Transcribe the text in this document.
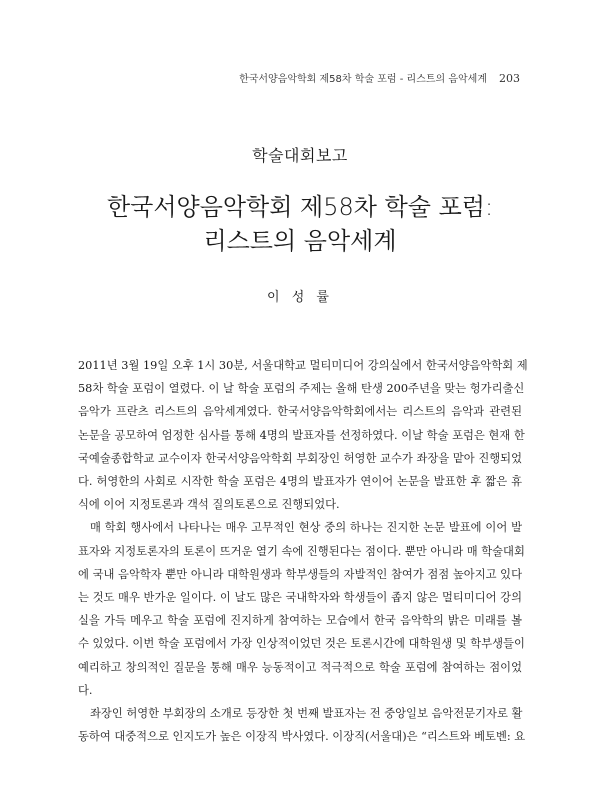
한국서양음악학회 제58차 학술 포럼 - 리스트의 음악세계 203
학술대회보고
한국서양음악학회 제58차 학술 포럼:
리스트의 음악세계
이 성 률

2011년 3월 19일 오후 1시 30분, 서울대학교 멀티미디어 강의실에서 한국서양음악학회 제
58차 학술 포럼이 열렸다. 이 날 학술 포럼의 주제는 올해 탄생 200주년을 맞는 헝가리출신
음악가 프란츠 리스트의 음악세계였다. 한국서양음악학회에서는 리스트의 음악과 관련된
논문을 공모하여 엄정한 심사를 통해 4명의 발표자를 선정하였다. 이날 학술 포럼은 현재 한
국예술종합학교 교수이자 한국서양음악학회 부회장인 허영한 교수가 좌장을 맡아 진행되었
다. 허영한의 사회로 시작한 학술 포럼은 4명의 발표자가 연이어 논문을 발표한 후 짧은 휴
식에 이어 지정토론과 객석 질의토론으로 진행되었다.

매 학회 행사에서 나타나는 매우 고무적인 현상 중의 하나는 진지한 논문 발표에 이어 발
표자와 지정토론자의 토론이 뜨거운 열기 속에 진행된다는 점이다. 뿐만 아니라 매 학술대회
에 국내 음악학자 뿐만 아니라 대학원생과 학부생들의 자발적인 참여가 점점 높아지고 있다
는 것도 매우 반가운 일이다. 이 날도 많은 국내학자와 학생들이 좁지 않은 멀티미디어 강의
실을 가득 메우고 학술 포럼에 진지하게 참여하는 모습에서 한국 음악학의 밝은 미래를 볼
수 있었다. 이번 학술 포럼에서 가장 인상적이었던 것은 토론시간에 대학원생 및 학부생들이
예리하고 창의적인 질문을 통해 매우 능동적이고 적극적으로 학술 포럼에 참여하는 점이었
다.

좌장인 허영한 부회장의 소개로 등장한 첫 번째 발표자는 전 중앙일보 음악전문기자로 활
동하여 대중적으로 인지도가 높은 이장직 박사였다. 이장직(서울대)은 “리스트와 베토벤: 요
